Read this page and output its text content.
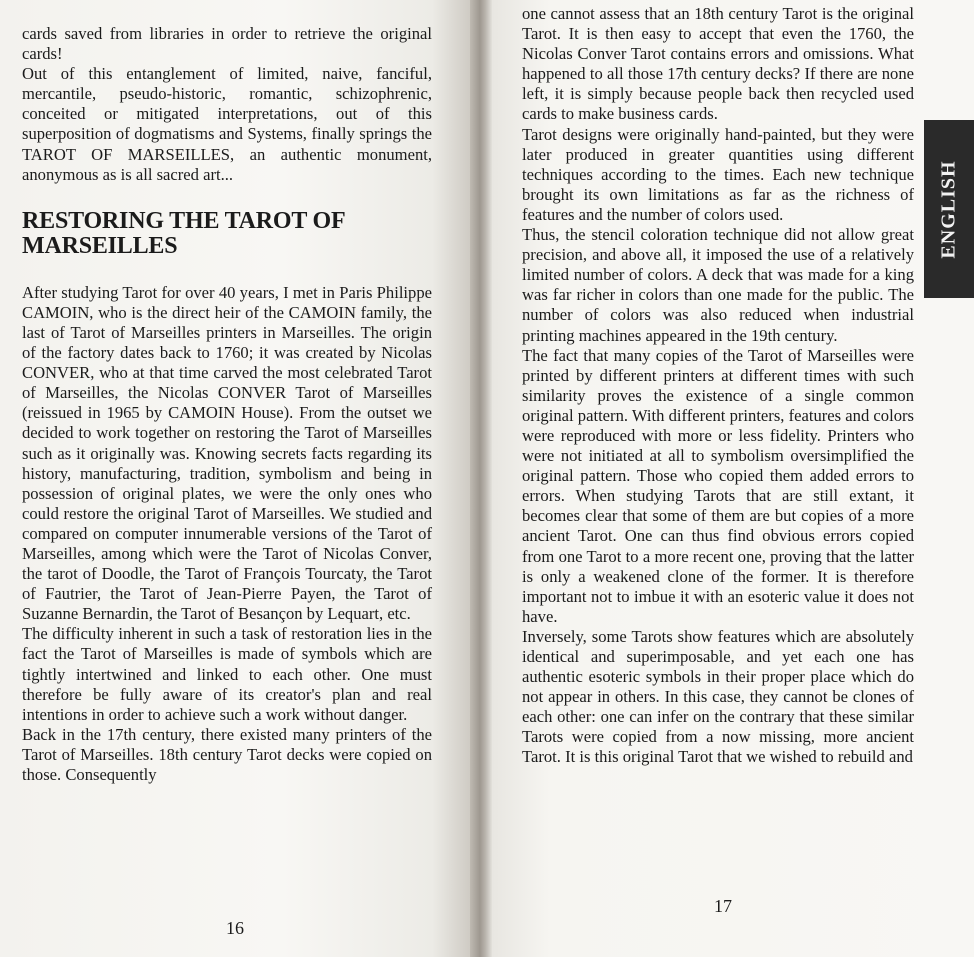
cards saved from libraries in order to retrieve the original cards!

Out of this entanglement of limited, naive, fanciful, mercantile, pseudo-historic, romantic, schizophrenic, conceited or mitigated interpretations, out of this superposition of dogmatisms and Systems, finally springs the TAROT OF MARSEILLES, an authentic monument, anonymous as is all sacred art...

RESTORING THE TAROT OF MARSEILLES

After studying Tarot for over 40 years, I met in Paris Philippe CAMOIN, who is the direct heir of the CAMOIN family, the last of Tarot of Marseilles printers in Marseilles. The origin of the factory dates back to 1760; it was created by Nicolas CONVER, who at that time carved the most celebrated Tarot of Marseilles, the Nicolas CONVER Tarot of Marseilles (reissued in 1965 by CAMOIN House). From the outset we decided to work together on restoring the Tarot of Marseilles such as it originally was. Knowing secrets facts regarding its history, manufacturing, tradition, symbolism and being in possession of original plates, we were the only ones who could restore the original Tarot of Marseilles. We studied and compared on computer innumerable versions of the Tarot of Marseilles, among which were the Tarot of Nicolas Conver, the tarot of Doodle, the Tarot of François Tourcaty, the Tarot of Fautrier, the Tarot of Jean-Pierre Payen, the Tarot of Suzanne Bernardin, the Tarot of Besançon by Lequart, etc.

The difficulty inherent in such a task of restoration lies in the fact the Tarot of Marseilles is made of symbols which are tightly intertwined and linked to each other. One must therefore be fully aware of its creator's plan and real intentions in order to achieve such a work without danger.

Back in the 17th century, there existed many printers of the Tarot of Marseilles. 18th century Tarot decks were copied on those. Consequently

16

one cannot assess that an 18th century Tarot is the original Tarot. It is then easy to accept that even the 1760, the Nicolas Conver Tarot contains errors and omissions. What happened to all those 17th century decks? If there are none left, it is simply because people back then recycled used cards to make business cards.

Tarot designs were originally hand-painted, but they were later produced in greater quantities using different techniques according to the times. Each new technique brought its own limitations as far as the richness of features and the number of colors used.

Thus, the stencil coloration technique did not allow great precision, and above all, it imposed the use of a relatively limited number of colors. A deck that was made for a king was far richer in colors than one made for the public. The number of colors was also reduced when industrial printing machines appeared in the 19th century.

The fact that many copies of the Tarot of Marseilles were printed by different printers at different times with such similarity proves the existence of a single common original pattern. With different printers, features and colors were reproduced with more or less fidelity. Printers who were not initiated at all to symbolism oversimplified the original pattern. Those who copied them added errors to errors. When studying Tarots that are still extant, it becomes clear that some of them are but copies of a more ancient Tarot. One can thus find obvious errors copied from one Tarot to a more recent one, proving that the latter is only a weakened clone of the former. It is therefore important not to imbue it with an esoteric value it does not have.

Inversely, some Tarots show features which are absolutely identical and superimposable, and yet each one has authentic esoteric symbols in their proper place which do not appear in others. In this case, they cannot be clones of each other: one can infer on the contrary that these similar Tarots were copied from a now missing, more ancient Tarot. It is this original Tarot that we wished to rebuild and

ENGLISH
17
